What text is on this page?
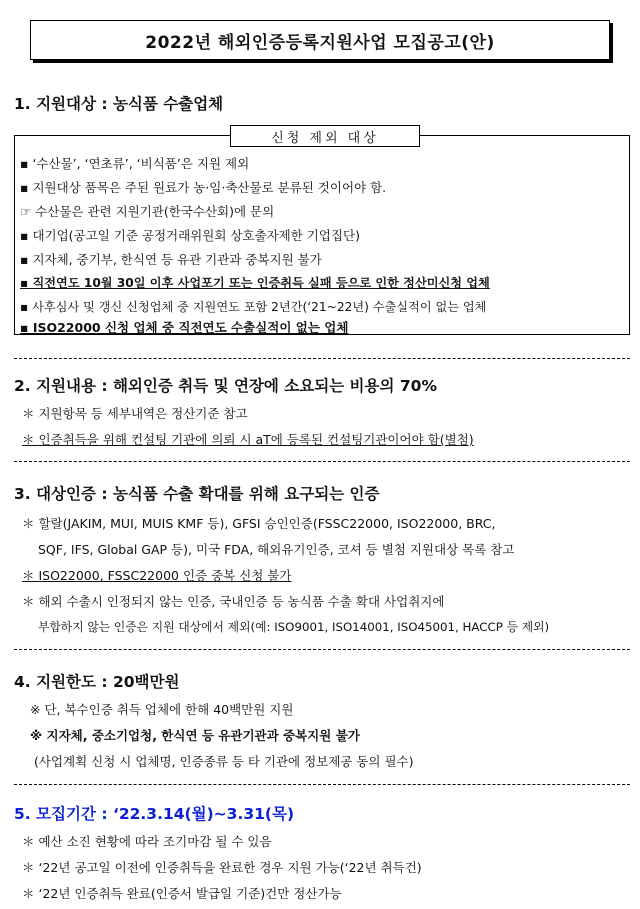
2022년 해외인증등록지원사업 모집공고(안)
1. 지원대상 : 농식품 수출업체
신청 제외 대상
▪ ‘수산물’, ‘연초류’, ‘비식품’은 지원 제외
▪ 지원대상 품목은 주된 원료가 농·임·축산물로 분류된 것이어야 함.
☞ 수산물은 관련 지원기관(한국수산회)에 문의
▪ 대기업(공고일 기준 공정거래위원회 상호출자제한 기업집단)
▪ 지자체, 중기부, 한식연 등 유관 기관과 중복지원 불가
▪ 직전연도 10월 30일 이후 사업포기 또는 인증취득 실패 등으로 인한 정산미신청 업체
▪ 사후심사 및 갱신 신청업체 중 지원연도 포함 2년간(‘21~22년) 수출실적이 없는 업체
▪ ISO22000 신청 업체 중 직전연도 수출실적이 없는 업체
2. 지원내용 : 해외인증 취득 및 연장에 소요되는 비용의 70%
＊ 지원항목 등 세부내역은 정산기준 참고
＊ 인증취득을 위해 컨설팅 기관에 의뢰 시 aT에 등록된 컨설팅기관이어야 함(별첨)
3. 대상인증 : 농식품 수출 확대를 위해 요구되는 인증
＊ 할랄(JAKIM, MUI, MUIS KMF 등), GFSI 승인인증(FSSC22000, ISO22000, BRC,
SQF, IFS, Global GAP 등), 미국 FDA, 해외유기인증, 코셔 등 별첨 지원대상 목록 참고
＊ ISO22000, FSSC22000 인증 중복 신청 불가
＊ 해외 수출시 인정되지 않는 인증, 국내인증 등 농식품 수출 확대 사업취지에
부합하지 않는 인증은 지원 대상에서 제외(예: ISO9001, ISO14001, ISO45001, HACCP 등 제외)
4. 지원한도 : 20백만원
※ 단, 복수인증 취득 업체에 한해 40백만원 지원
※ 지자체, 중소기업청, 한식연 등 유관기관과 중복지원 불가
(사업계획 신청 시 업체명, 인증종류 등 타 기관에 정보제공 동의 필수)
5. 모집기간 : ‘22.3.14(월)~3.31(목)
＊ 예산 소진 현황에 따라 조기마감 될 수 있음
＊ ‘22년 공고일 이전에 인증취득을 완료한 경우 지원 가능(‘22년 취득건)
＊ ‘22년 인증취득 완료(인증서 발급일 기준)건만 정산가능
